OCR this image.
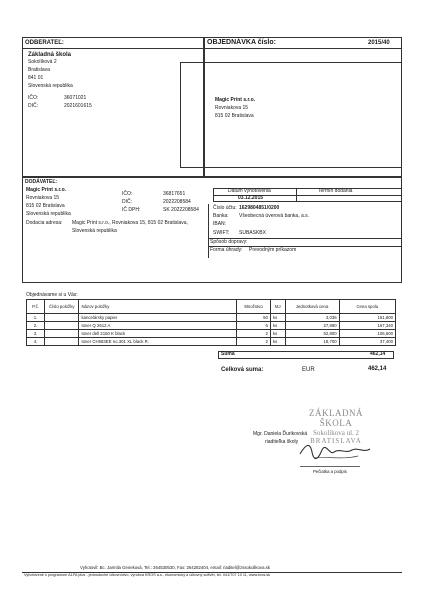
ODBERATEĽ:
Základná škola
Sokolíková 2
Bratislava
841 01
Slovenská republika
IČO:	36071021
DIČ:	2021601615
OBJEDNÁVKA číslo:	2015/40
Magic Print s.r.o.
Rovniakova 15
815 02 Bratislava
DODÁVATEĽ:
Magic Print s.r.o.
Rovniakova 15
815 02 Bratislava
Slovenská republika
IČO:	36817651
DIČ:	2022208584
IČ DPH:	SK 2022208584
Dodacia adresa: Magic Print s.r.o., Rovniakova 15, 815 02 Bratislava,
Slovenská republika
Dátum vyhotovenia	Termín dodania
03.12.2015
Číslo účtu: 1629804851/0200
Banka: Všeobecná úverová banka, a.s.
IBAN:
SWIFT: SUBASKBX
Spôsob dopravy:
Forma úhrady: Prevodným príkazom
Objednávame si u Vás:
P.č.	Číslo položky	Názov položky	Množstvo	MJ	Jednotková cena	Cena spolu
1.		kancelársky papier	50	ks	3,036	151,800
2.		toner Q 2612 A	6	ks	27,890	167,340
3.		toner dell 2150 K black	2	ks	52,800	105,600
4.		toner CH583EE no.301 XL black R.	2	ks	18,700	37,400
Suma	462,14
Celková suma:	EUR	462,14
ZÁKLADNÁ ŠKOLA
Sokolíkova ul. 2
BRATISLAVA
Mgr. Daniela Ďurikovská
riaditeľka školy
Pečiatka a podpis
Vyhotovil: Bc. Jarmila Geneková, Tel.: 264530530, Fax: 264282404, email: riaditel@zssokolikova.sk
Vyhotovené s programom ALFA plus - jednoduché účtovníctvo, výrobca KROS a.s., ekonomický a účtovný softvér, tel. 041/707 10 11, www.kros.sk
